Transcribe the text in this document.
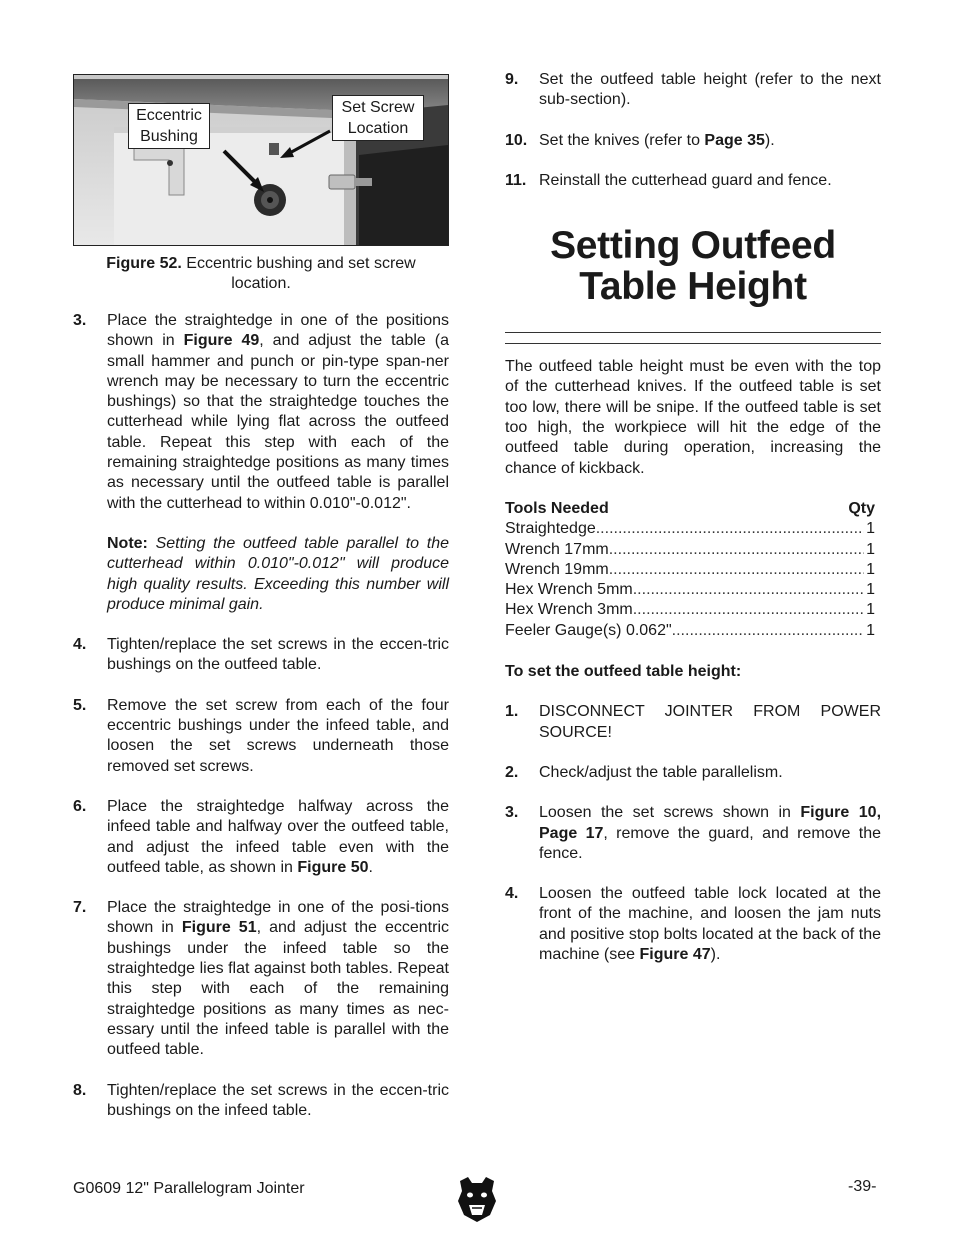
Eccentric Bushing
Set Screw Location
Figure 52. Eccentric bushing and set screw location.
3.	Place the straightedge in one of the positions shown in Figure 49, and adjust the table (a small hammer and punch or pin-type span-ner wrench may be necessary to turn the eccentric bushings) so that the straightedge touches the cutterhead while lying flat across the outfeed table. Repeat this step with each of the remaining straightedge positions as many times as necessary until the outfeed table is parallel with the cutterhead to within 0.010"-0.012".
Note: Setting the outfeed table parallel to the cutterhead within 0.010"-0.012" will produce high quality results. Exceeding this number will produce minimal gain.
4.	Tighten/replace the set screws in the eccen-tric bushings on the outfeed table.
5.	Remove the set screw from each of the four eccentric bushings under the infeed table, and loosen the set screws underneath those removed set screws.
6.	Place the straightedge halfway across the infeed table and halfway over the outfeed table, and adjust the infeed table even with the outfeed table, as shown in Figure 50.
7.	Place the straightedge in one of the posi-tions shown in Figure 51, and adjust the eccentric bushings under the infeed table so the straightedge lies flat against both tables. Repeat this step with each of the remaining straightedge positions as many times as nec-essary until the infeed table is parallel with the outfeed table.
8.	Tighten/replace the set screws in the eccen-tric bushings on the infeed table.
9.	Set the outfeed table height (refer to the next sub-section).
10. Set the knives (refer to Page 35).
11. Reinstall the cutterhead guard and fence.
Setting Outfeed
Table Height
The outfeed table height must be even with the top of the cutterhead knives. If the outfeed table is set too low, there will be snipe. If the outfeed table is set too high, the workpiece will hit the edge of the outfeed table during operation, increasing the chance of kickback.
Tools Needed	Qty
Straightedge .....	1
Wrench 17mm .....	1
Wrench 19mm .....	1
Hex Wrench 5mm .....	1
Hex Wrench 3mm .....	1
Feeler Gauge(s) 0.062" .....	1
To set the outfeed table height:
1.	DISCONNECT JOINTER FROM POWER SOURCE!
2.	Check/adjust the table parallelism.
3.	Loosen the set screws shown in Figure 10, Page 17, remove the guard, and remove the fence.
4.	Loosen the outfeed table lock located at the front of the machine, and loosen the jam nuts and positive stop bolts located at the back of the machine (see Figure 47).
G0609 12" Parallelogram Jointer	-39-
